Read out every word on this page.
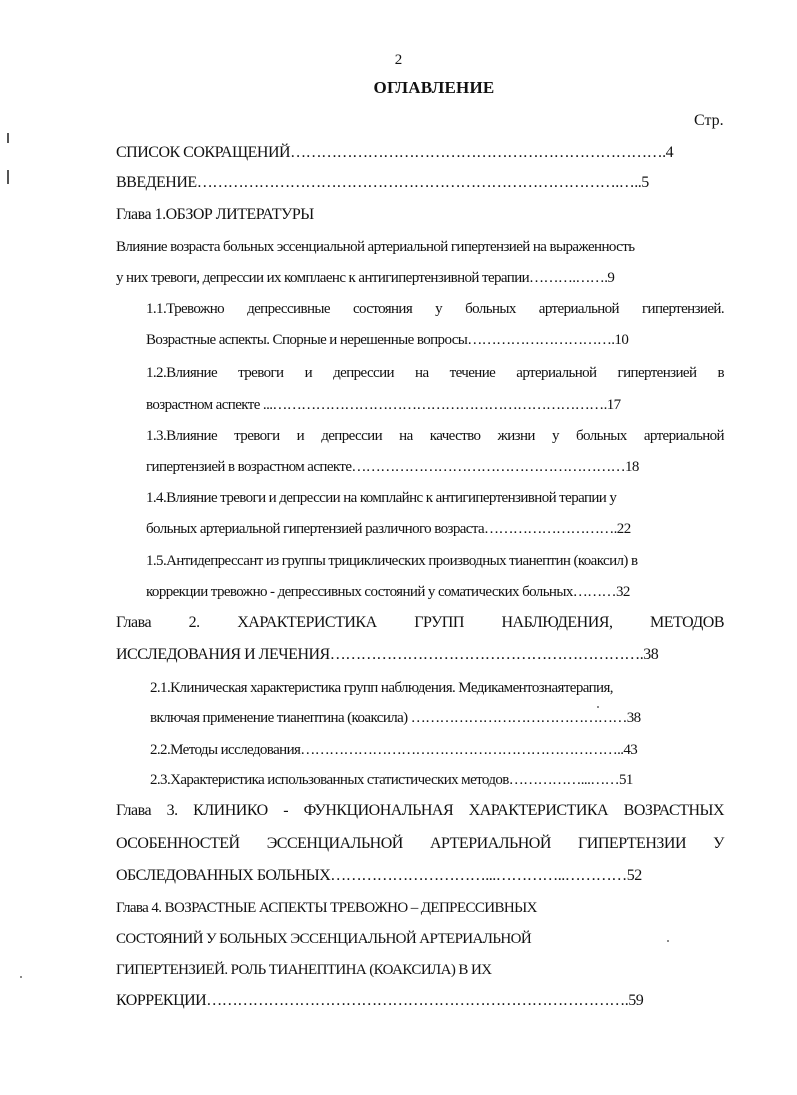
2
ОГЛАВЛЕНИЕ
Стр.
СПИСОК СОКРАЩЕНИЙ……………………………………………………………….4
ВВЕДЕНИЕ……………………………………………………………………….…..5
Глава 1.ОБЗОР ЛИТЕРАТУРЫ
Влияние возраста больных эссенциальной артериальной гипертензией на выраженность
у них тревоги, депрессии их комплаенс к антигипертензивной терапии……….…….9
1.1.Тревожно депрессивные состояния у больных артериальной гипертензией.
Возрастные аспекты. Спорные и нерешенные вопросы………………………….10
1.2.Влияние тревоги и депрессии на течение артериальной гипертензией в
возрастном аспекте ...…………………………………………………………….17
1.3.Влияние тревоги и депрессии на качество жизни у больных артериальной
гипертензией в возрастном аспекте…………………………………………………18
1.4.Влияние тревоги и депрессии на комплайнс к антигипертензивной терапии у
больных артериальной гипертензией различного возраста……………………….22
1.5.Антидепрессант из группы трициклических производных тианептин (коаксил) в
коррекции тревожно - депрессивных состояний у соматических больных………32
Глава 2. ХАРАКТЕРИСТИКА ГРУПП НАБЛЮДЕНИЯ, МЕТОДОВ
ИССЛЕДОВАНИЯ И ЛЕЧЕНИЯ…………………………………………………….38
2.1.Клиническая характеристика групп наблюдения. Медикаментознаятерапия,
включая применение тианептина (коаксила) ………………………………………38
2.2.Методы исследования…………………………………………………………..43
2.3.Характеристика использованных статистических методов……………...……51
Глава 3. КЛИНИКО - ФУНКЦИОНАЛЬНАЯ ХАРАКТЕРИСТИКА ВОЗРАСТНЫХ
ОСОБЕННОСТЕЙ ЭССЕНЦИАЛЬНОЙ АРТЕРИАЛЬНОЙ ГИПЕРТЕНЗИИ У
ОБСЛЕДОВАННЫХ БОЛЬНЫХ…………………………...…………..…………52
Глава 4. ВОЗРАСТНЫЕ АСПЕКТЫ ТРЕВОЖНО – ДЕПРЕССИВНЫХ
СОСТОЯНИЙ У БОЛЬНЫХ ЭССЕНЦИАЛЬНОЙ АРТЕРИАЛЬНОЙ
ГИПЕРТЕНЗИЕЙ. РОЛЬ ТИАНЕПТИНА (КОАКСИЛА) В ИХ
КОРРЕКЦИИ……………………………………………………………………….59
